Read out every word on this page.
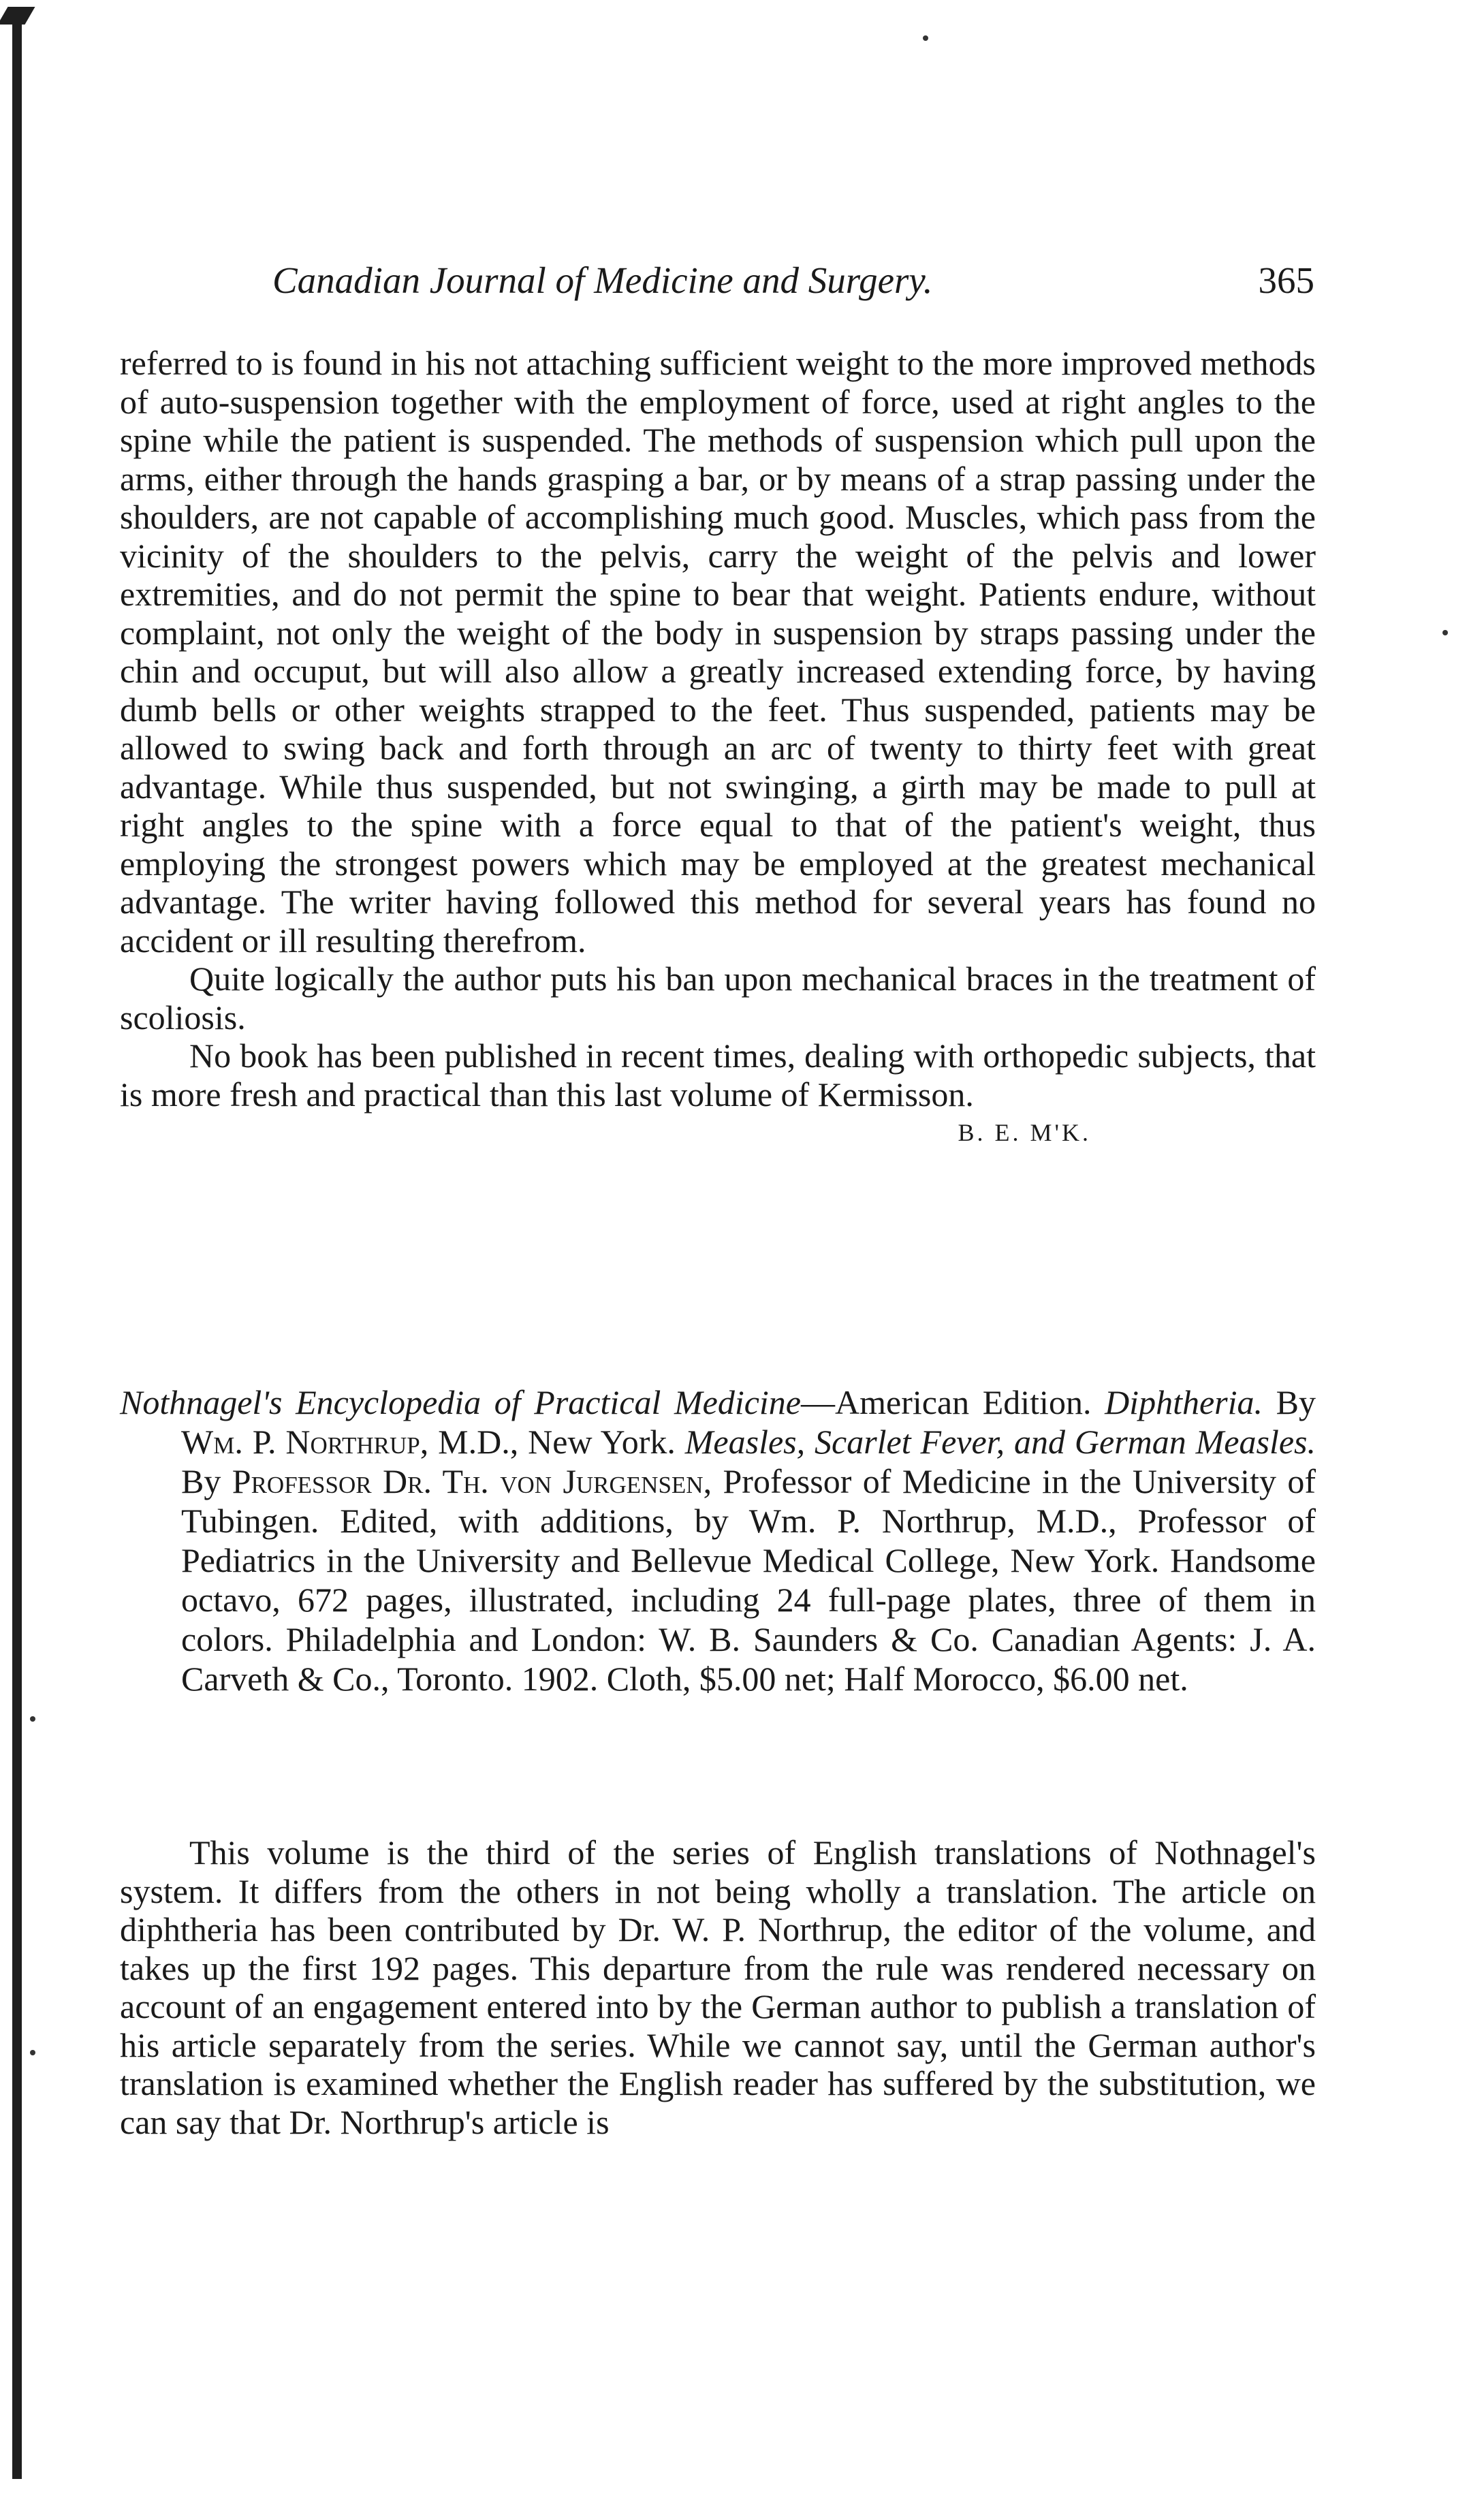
Canadian Journal of Medicine and Surgery.	365

referred to is found in his not attaching sufficient weight to the more improved methods of auto-suspension together with the employment of force, used at right angles to the spine while the patient is suspended. The methods of suspension which pull upon the arms, either through the hands grasping a bar, or by means of a strap passing under the shoulders, are not capable of accomplishing much good. Muscles, which pass from the vicinity of the shoulders to the pelvis, carry the weight of the pelvis and lower extremities, and do not permit the spine to bear that weight. Patients endure, without complaint, not only the weight of the body in suspension by straps passing under the chin and occuput, but will also allow a greatly increased extending force, by having dumb bells or other weights strapped to the feet. Thus suspended, patients may be allowed to swing back and forth through an arc of twenty to thirty feet with great advantage. While thus suspended, but not swinging, a girth may be made to pull at right angles to the spine with a force equal to that of the patient's weight, thus employing the strongest powers which may be employed at the greatest mechanical advantage. The writer having followed this method for several years has found no accident or ill resulting therefrom.

Quite logically the author puts his ban upon mechanical braces in the treatment of scoliosis.

No book has been published in recent times, dealing with orthopedic subjects, that is more fresh and practical than this last volume of Kermisson.
B. E. M'K.

Nothnagel's Encyclopedia of Practical Medicine—American Edition. Diphtheria. By Wm. P. Northrup, M.D., New York. Measles, Scarlet Fever, and German Measles. By Professor Dr. Th. von Jurgensen, Professor of Medicine in the University of Tubingen. Edited, with additions, by Wm. P. Northrup, M.D., Professor of Pediatrics in the University and Bellevue Medical College, New York. Handsome octavo, 672 pages, illustrated, including 24 full-page plates, three of them in colors. Philadelphia and London: W. B. Saunders & Co. Canadian Agents: J. A. Carveth & Co., Toronto. 1902. Cloth, $5.00 net; Half Morocco, $6.00 net.

This volume is the third of the series of English translations of Nothnagel's system. It differs from the others in not being wholly a translation. The article on diphtheria has been contributed by Dr. W. P. Northrup, the editor of the volume, and takes up the first 192 pages. This departure from the rule was rendered necessary on account of an engagement entered into by the German author to publish a translation of his article separately from the series. While we cannot say, until the German author's translation is examined whether the English reader has suffered by the substitution, we can say that Dr. Northrup's article is
